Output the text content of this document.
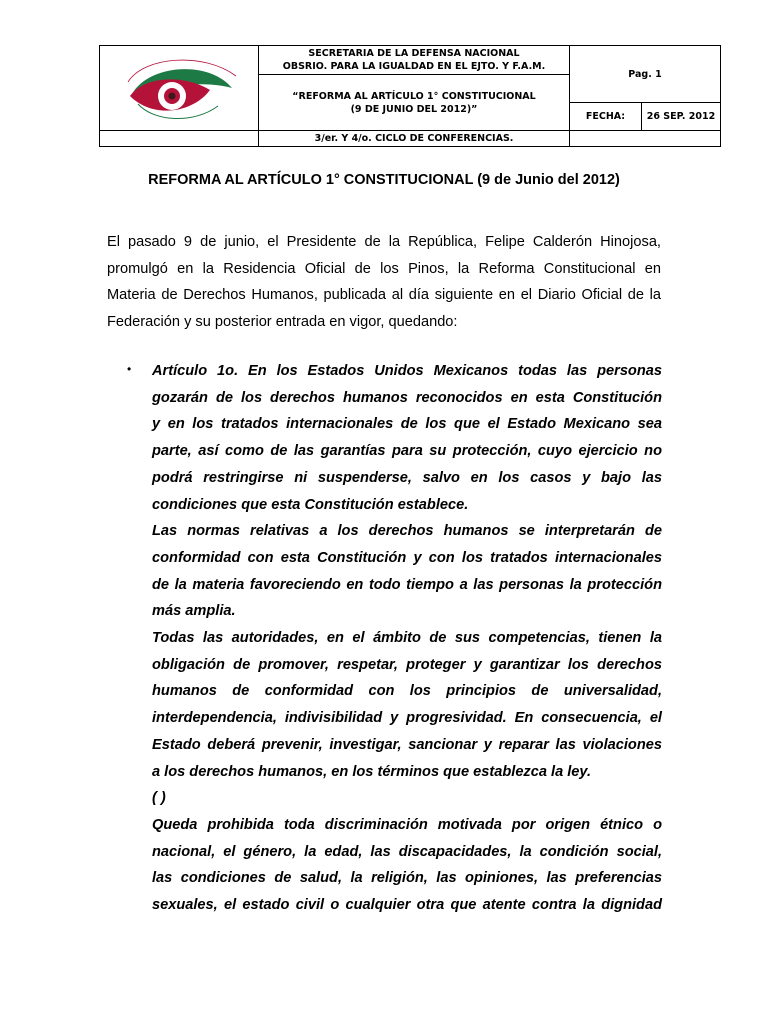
SECRETARIA DE LA DEFENSA NACIONAL
OBSRIO. PARA LA IGUALDAD EN EL EJTO. Y F.A.M.	Pag. 1	

	“REFORMA AL ARTÍCULO 1° CONSTITUCIONAL
(9 DE JUNIO DEL 2012)”		

		FECHA:	26 SEP. 2012
	3/er. Y 4/o. CICLO DE CONFERENCIAS.		
REFORMA AL ARTÍCULO 1° CONSTITUCIONAL (9 de Junio del 2012)
El pasado 9 de junio, el Presidente de la República, Felipe Calderón Hinojosa,
promulgó en la Residencia Oficial de los Pinos, la Reforma Constitucional en
Materia de Derechos Humanos, publicada al día siguiente en el Diario Oficial de la
Federación y su posterior entrada en vigor, quedando:
• Artículo 1o. En los Estados Unidos Mexicanos todas las personas
gozarán de los derechos humanos reconocidos en esta Constitución
y en los tratados internacionales de los que el Estado Mexicano sea
parte, así como de las garantías para su protección, cuyo ejercicio no
podrá restringirse ni suspenderse, salvo en los casos y bajo las
condiciones que esta Constitución establece.
Las normas relativas a los derechos humanos se interpretarán de
conformidad con esta Constitución y con los tratados internacionales
de la materia favoreciendo en todo tiempo a las personas la protección
más amplia.
Todas las autoridades, en el ámbito de sus competencias, tienen la
obligación de promover, respetar, proteger y garantizar los derechos
humanos de conformidad con los principios de universalidad,
interdependencia, indivisibilidad y progresividad. En consecuencia, el
Estado deberá prevenir, investigar, sancionar y reparar las violaciones
a los derechos humanos, en los términos que establezca la ley.
( )
Queda prohibida toda discriminación motivada por origen étnico o
nacional, el género, la edad, las discapacidades, la condición social,
las condiciones de salud, la religión, las opiniones, las preferencias
sexuales, el estado civil o cualquier otra que atente contra la dignidad
